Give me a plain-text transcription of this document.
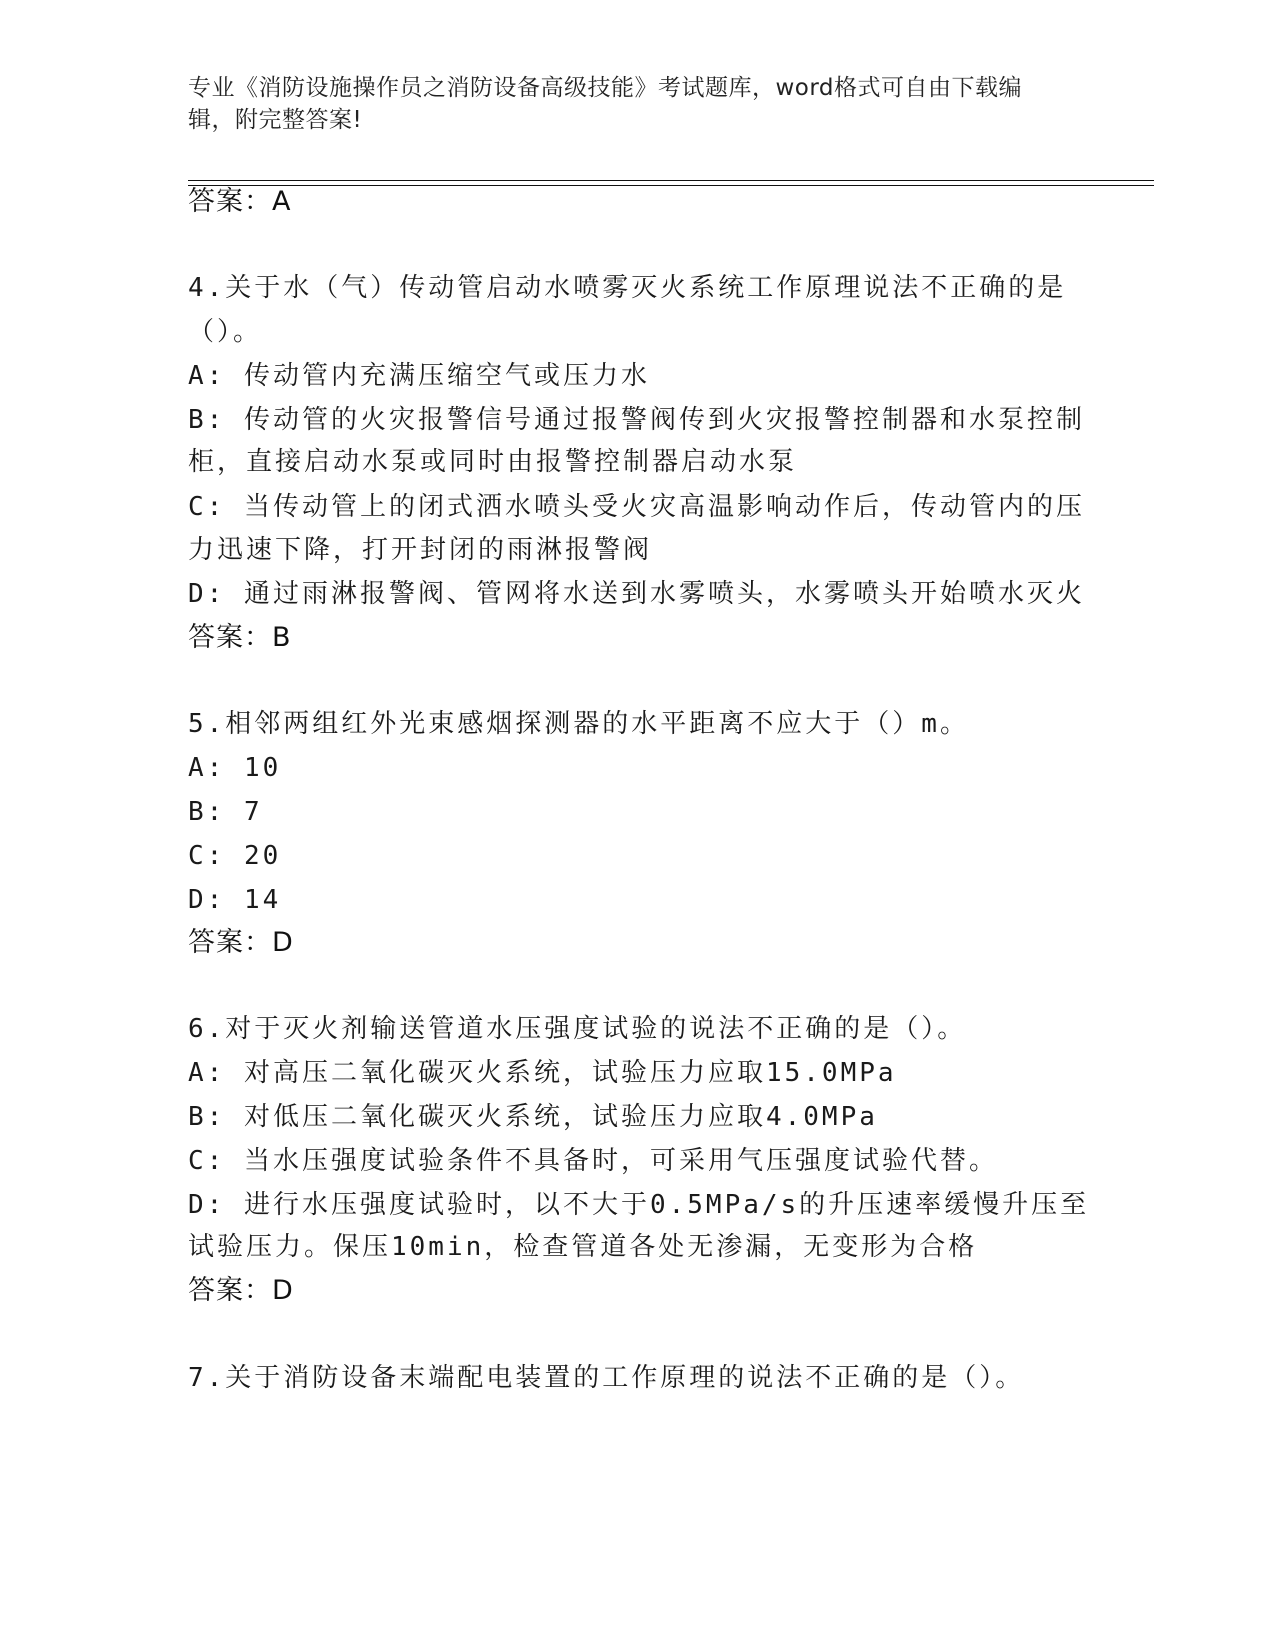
专业《消防设施操作员之消防设备高级技能》考试题库，word格式可自由下载编
辑，附完整答案!
答案：A
4.关于水（气）传动管启动水喷雾灭火系统工作原理说法不正确的是
（）。
A: 传动管内充满压缩空气或压力水
B: 传动管的火灾报警信号通过报警阀传到火灾报警控制器和水泵控制
柜，直接启动水泵或同时由报警控制器启动水泵
C: 当传动管上的闭式洒水喷头受火灾高温影响动作后，传动管内的压
力迅速下降，打开封闭的雨淋报警阀
D: 通过雨淋报警阀、管网将水送到水雾喷头，水雾喷头开始喷水灭火
答案：B
5.相邻两组红外光束感烟探测器的水平距离不应大于（）m。
A: 10
B: 7
C: 20
D: 14
答案：D
6.对于灭火剂输送管道水压强度试验的说法不正确的是（）。
A: 对高压二氧化碳灭火系统，试验压力应取15.0MPa
B: 对低压二氧化碳灭火系统，试验压力应取4.0MPa
C: 当水压强度试验条件不具备时，可采用气压强度试验代替。
D: 进行水压强度试验时，以不大于0.5MPa/s的升压速率缓慢升压至
试验压力。保压10min，检查管道各处无渗漏，无变形为合格
答案：D
7.关于消防设备末端配电装置的工作原理的说法不正确的是（）。
